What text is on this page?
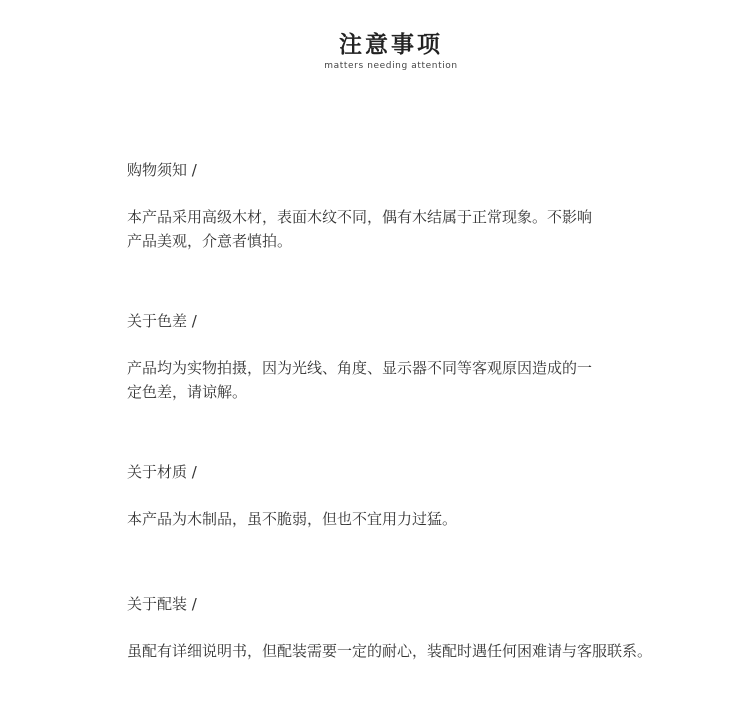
注意事项

matters needing attention

购物须知 /

本产品采用高级木材，表面木纹不同，偶有木结属于正常现象。不影响
产品美观，介意者慎拍。

关于色差 /

产品均为实物拍摄，因为光线、角度、显示器不同等客观原因造成的一
定色差，请谅解。

关于材质 /

本产品为木制品，虽不脆弱，但也不宜用力过猛。

关于配装 /

虽配有详细说明书，但配装需要一定的耐心，装配时遇任何困难请与客服联系。
